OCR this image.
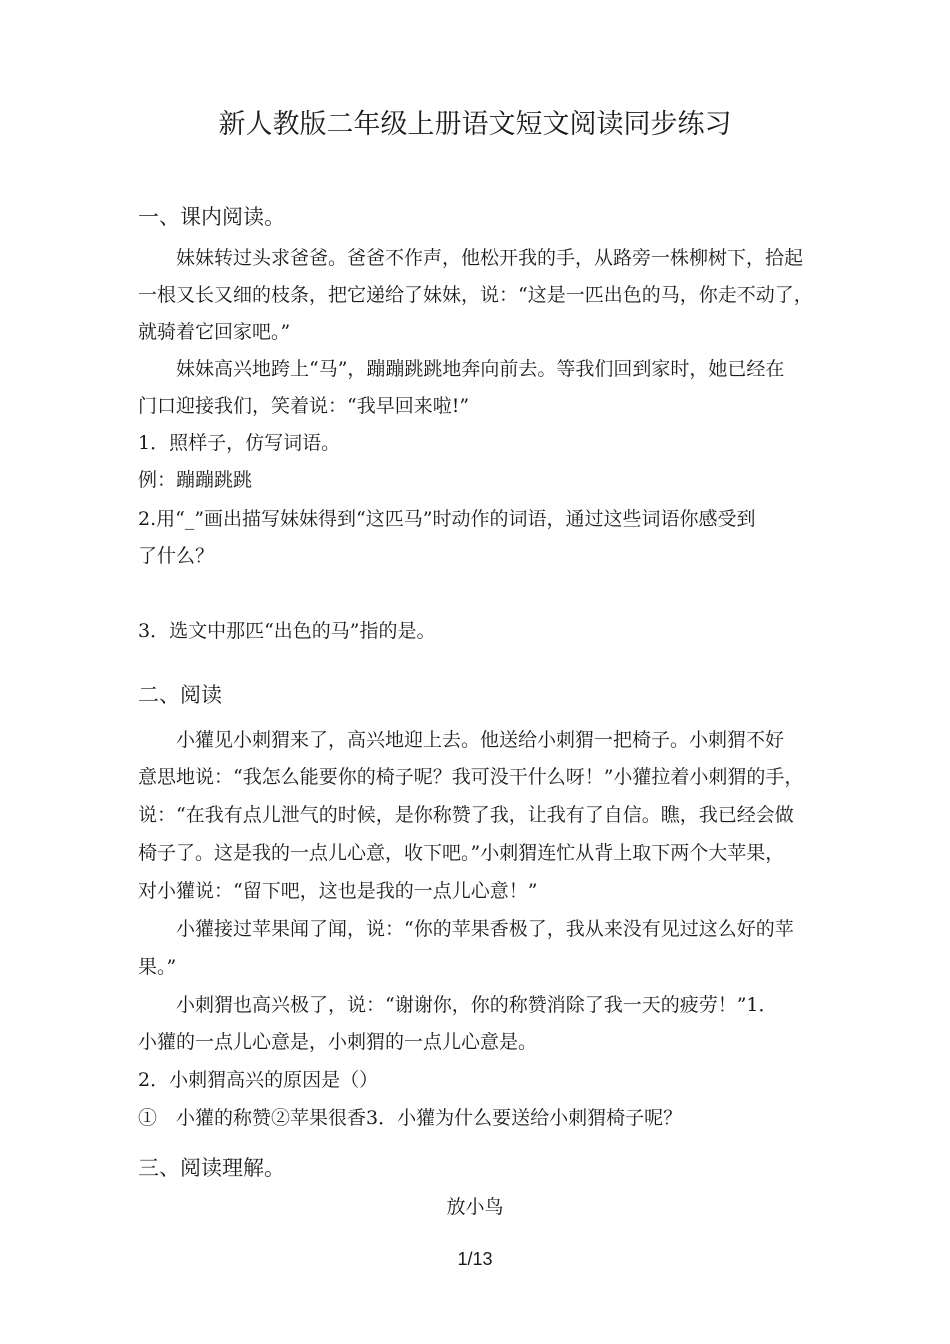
新人教版二年级上册语文短文阅读同步练习
一、课内阅读。
妹妹转过头求爸爸。爸爸不作声，他松开我的手，从路旁一株柳树下，拾起
一根又长又细的枝条，把它递给了妹妹，说：“这是一匹出色的马，你走不动了，
就骑着它回家吧。”
妹妹高兴地跨上“马”，蹦蹦跳跳地奔向前去。等我们回到家时，她已经在
门口迎接我们，笑着说：“我早回来啦!”
1．照样子，仿写词语。
例：蹦蹦跳跳
2.用“_”画出描写妹妹得到“这匹马”时动作的词语，通过这些词语你感受到
了什么？
3．选文中那匹“出色的马”指的是。
二、阅读
小獾见小刺猬来了，高兴地迎上去。他送给小刺猬一把椅子。小刺猬不好
意思地说：“我怎么能要你的椅子呢？我可没干什么呀！”小獾拉着小刺猬的手，
说：“在我有点儿泄气的时候，是你称赞了我，让我有了自信。瞧，我已经会做
椅子了。这是我的一点儿心意，收下吧。”小刺猬连忙从背上取下两个大苹果，
对小獾说：“留下吧，这也是我的一点儿心意！”
小獾接过苹果闻了闻，说：“你的苹果香极了，我从来没有见过这么好的苹
果。”
小刺猬也高兴极了，说：“谢谢你，你的称赞消除了我一天的疲劳！”1．
小獾的一点儿心意是，小刺猬的一点儿心意是。
2．小刺猬高兴的原因是（）
①　小獾的称赞②苹果很香3．小獾为什么要送给小刺猬椅子呢？
三、阅读理解。
放小鸟
1/13
